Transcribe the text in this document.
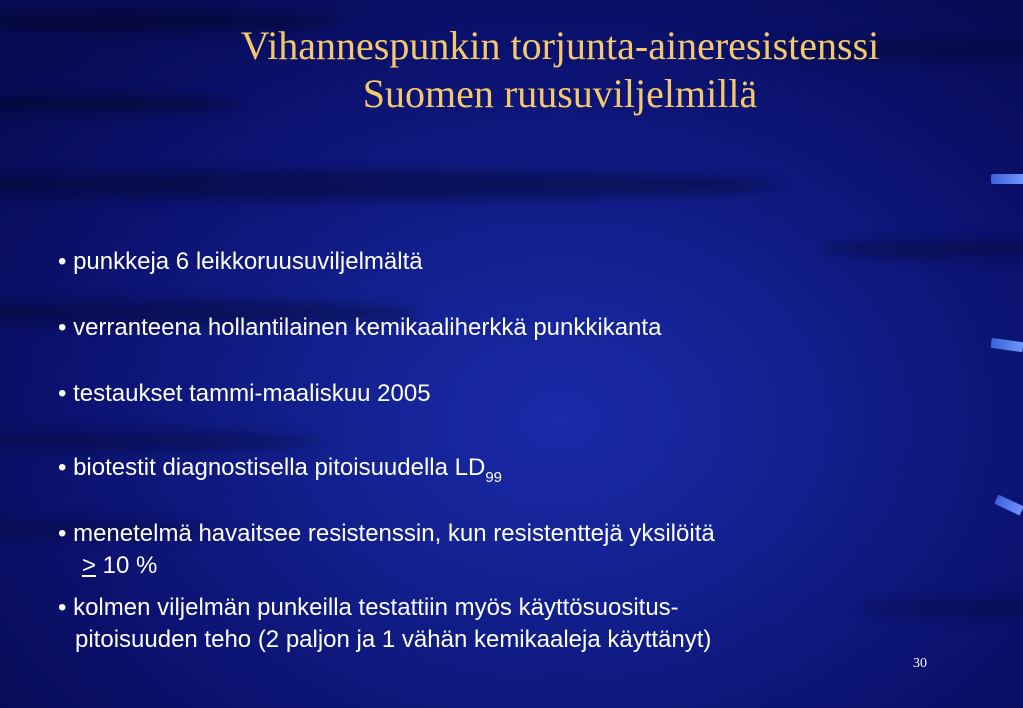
Vihannespunkin torjunta-aineresistenssi
Suomen ruusuviljelmillä
• punkkeja 6 leikkoruusuviljelmältä
• verranteena hollantilainen kemikaaliherkkä punkkikanta
• testaukset tammi-maaliskuu 2005
• biotestit diagnostisella pitoisuudella $LD_{99}$
• menetelmä havaitsee resistenssin, kun resistenttejä yksilöitä
≥ 10 %
• kolmen viljelmän punkeilla testattiin myös käyttösuositus-
pitoisuuden teho (2 paljon ja 1 vähän kemikaaleja käyttänyt)
30
